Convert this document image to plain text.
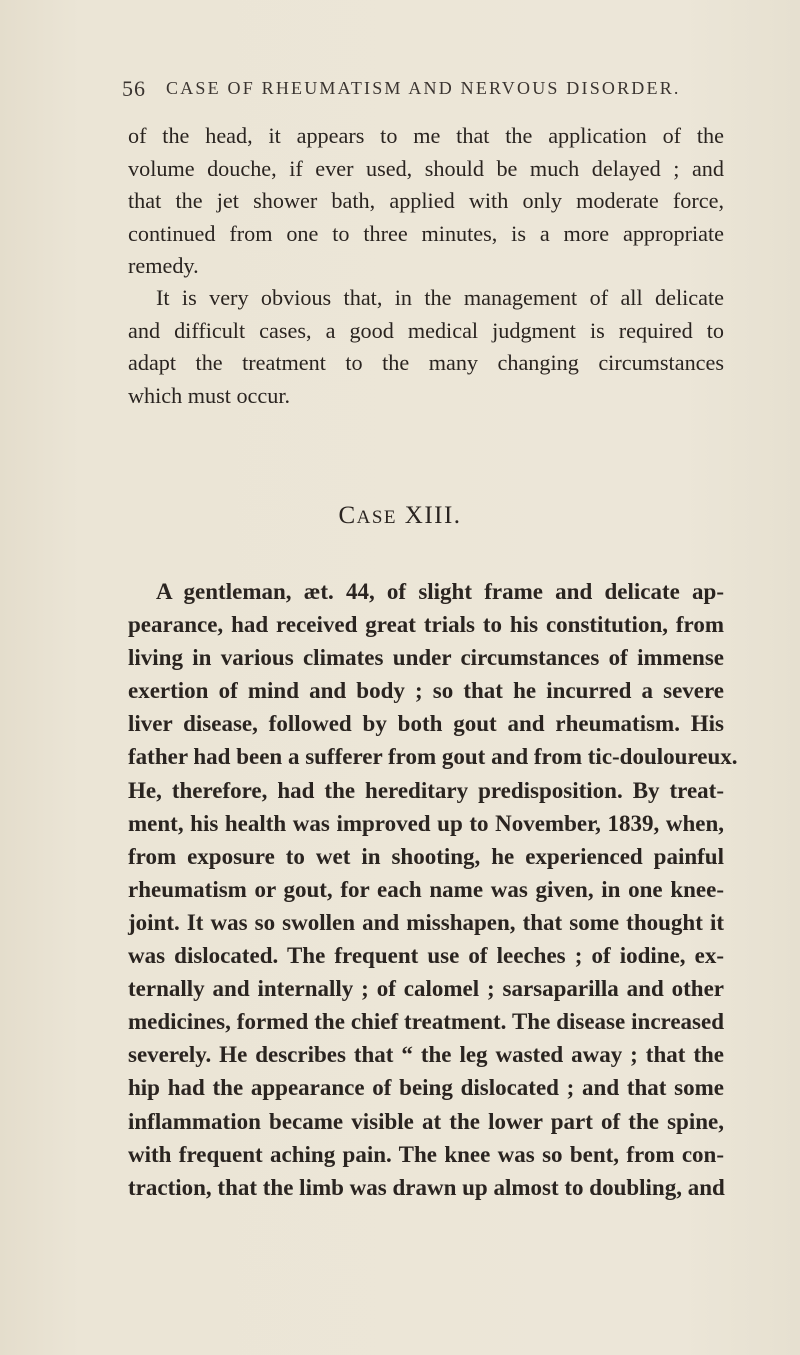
56 CASE OF RHEUMATISM AND NERVOUS DISORDER.
of the head, it appears to me that the application of the
volume douche, if ever used, should be much delayed ; and
that the jet shower bath, applied with only moderate force,
continued from one to three minutes, is a more appropriate
remedy.
It is very obvious that, in the management of all delicate
and difficult cases, a good medical judgment is required to
adapt the treatment to the many changing circumstances
which must occur.
CASE XIII.
A gentleman, æt. 44, of slight frame and delicate ap-
pearance, had received great trials to his constitution, from
living in various climates under circumstances of immense
exertion of mind and body ; so that he incurred a severe
liver disease, followed by both gout and rheumatism. His
father had been a sufferer from gout and from tic-douloureux.
He, therefore, had the hereditary predisposition. By treat-
ment, his health was improved up to November, 1839, when,
from exposure to wet in shooting, he experienced painful
rheumatism or gout, for each name was given, in one knee-
joint. It was so swollen and misshapen, that some thought it
was dislocated. The frequent use of leeches ; of iodine, ex-
ternally and internally ; of calomel ; sarsaparilla and other
medicines, formed the chief treatment. The disease increased
severely. He describes that “ the leg wasted away ; that the
hip had the appearance of being dislocated ; and that some
inflammation became visible at the lower part of the spine,
with frequent aching pain. The knee was so bent, from con-
traction, that the limb was drawn up almost to doubling, and
